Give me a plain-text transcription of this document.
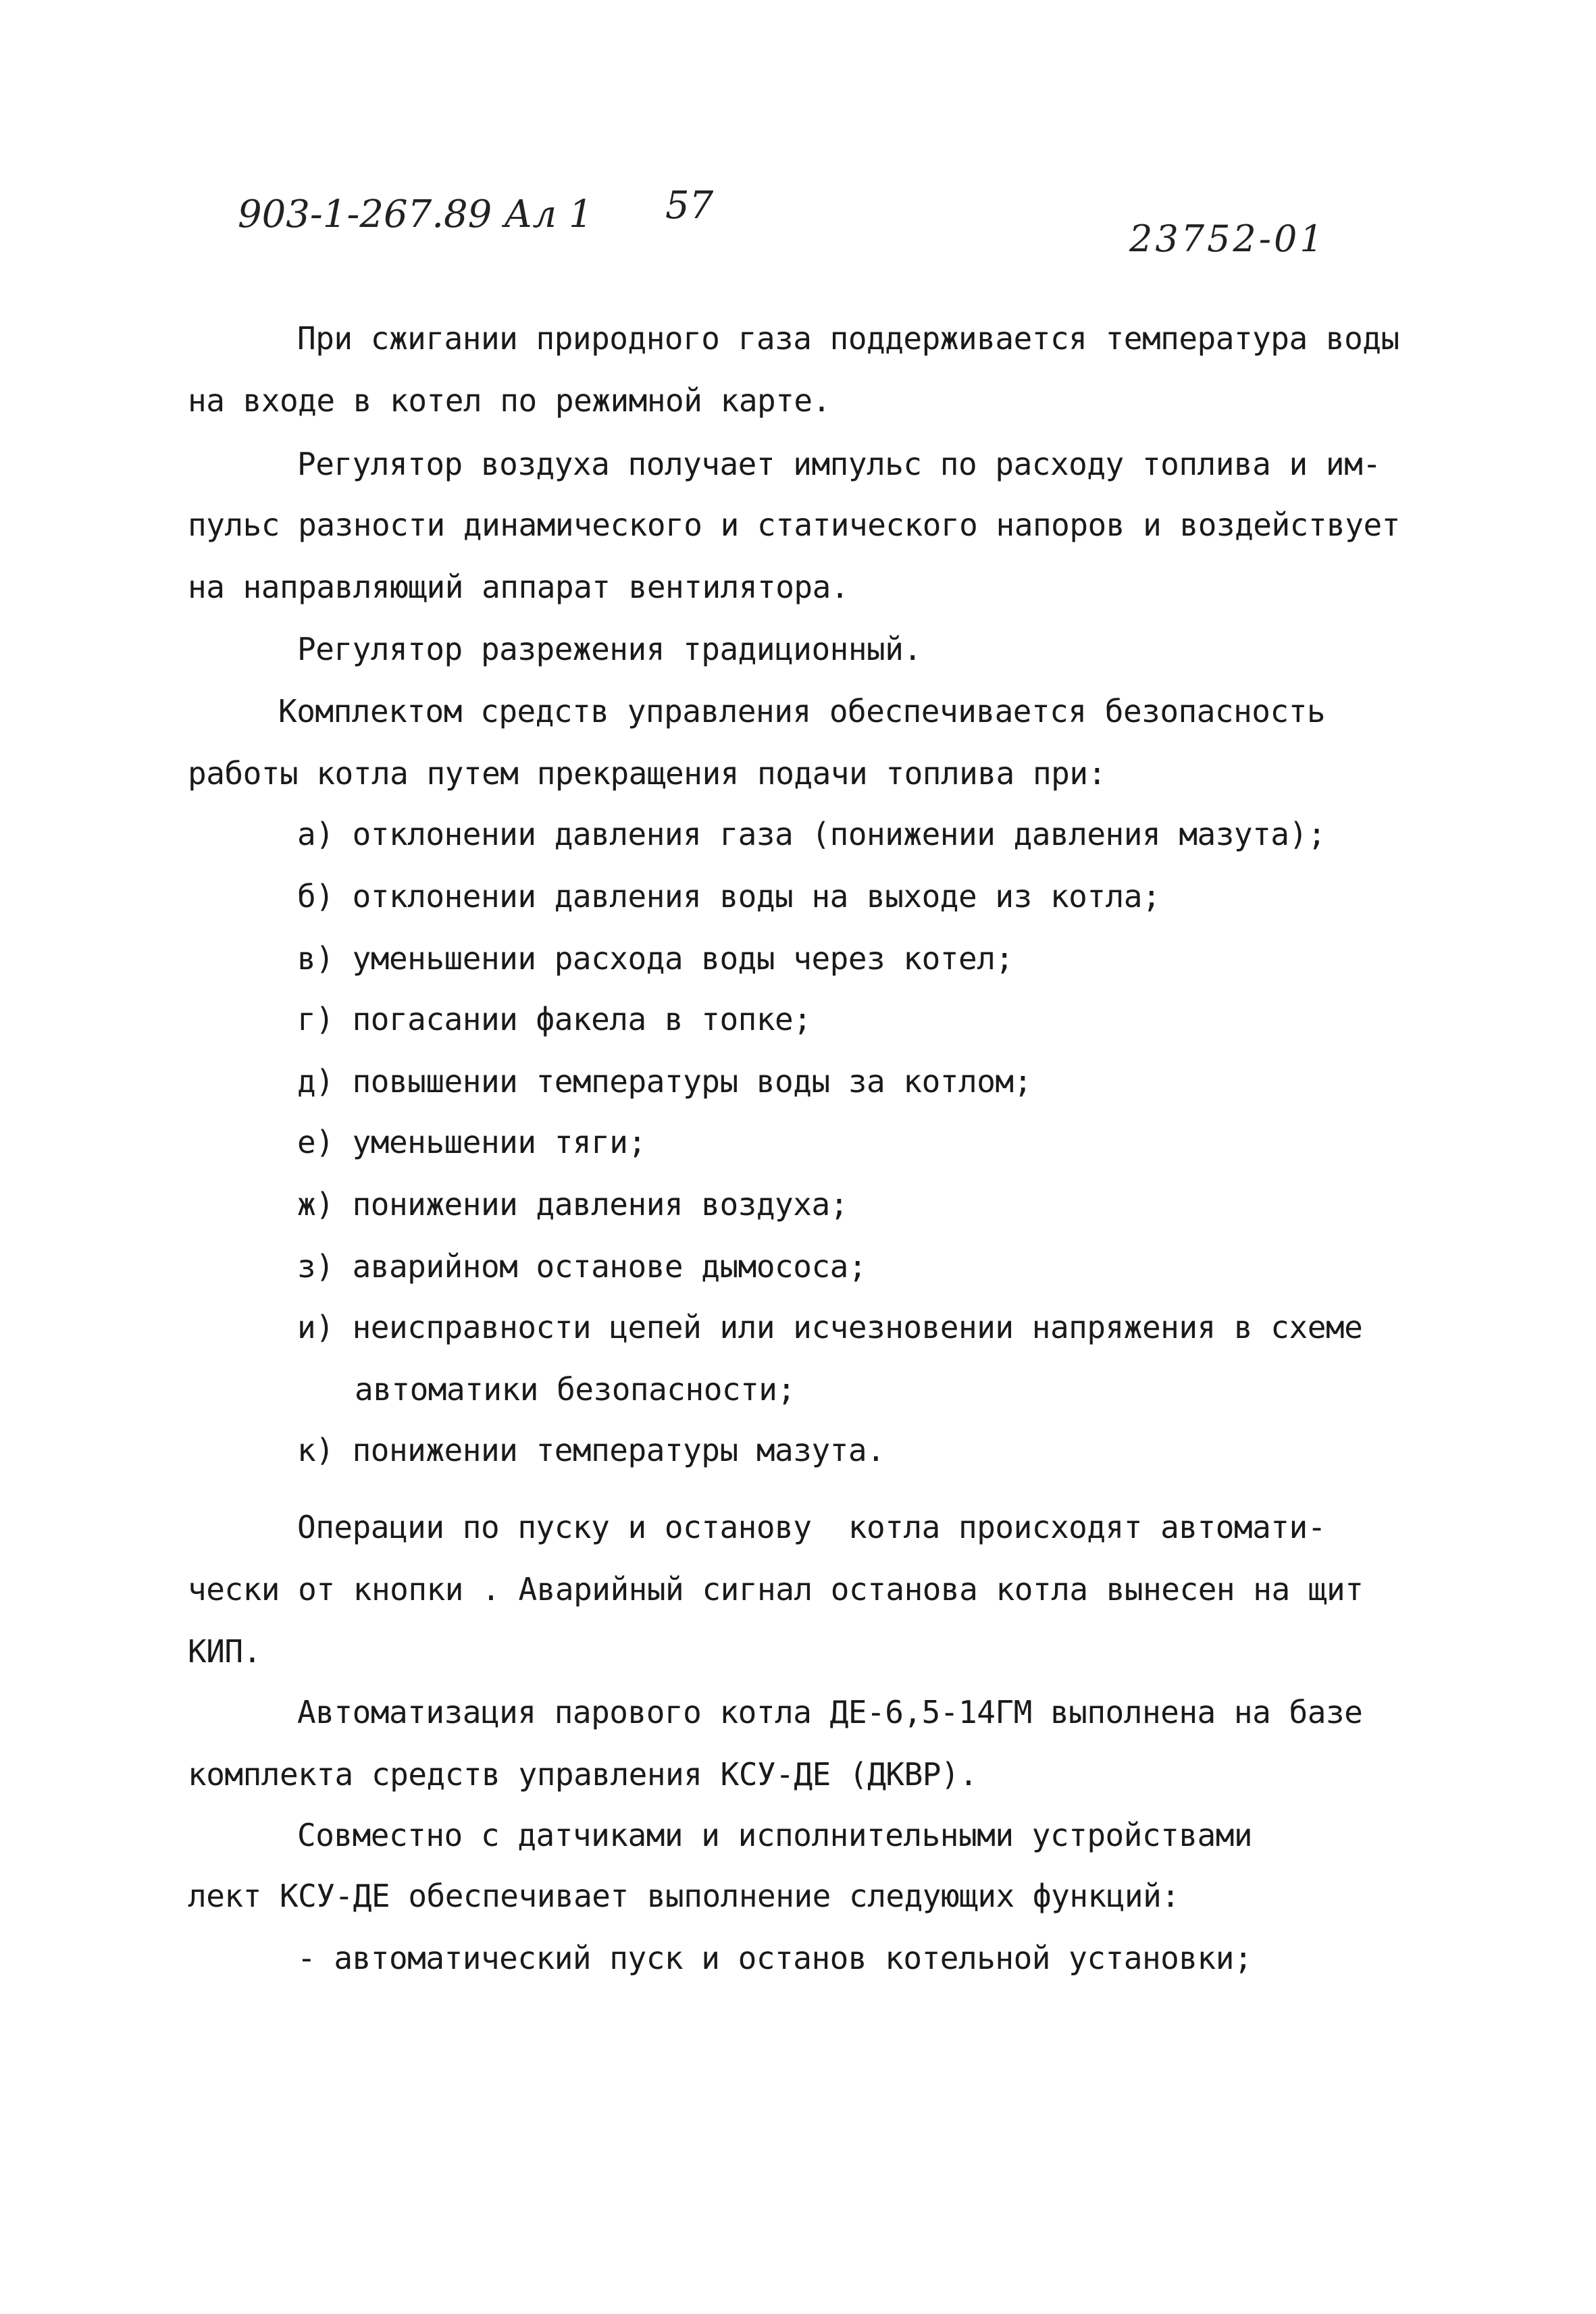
903-1-267.89 Ал 1 57
23752-01
При сжигании природного газа поддерживается температура воды
на входе в котел по режимной карте.
Регулятор воздуха получает импульс по расходу топлива и им-
пульс разности динамического и статического напоров и воздействует
на направляющий аппарат вентилятора.
Регулятор разрежения традиционный.
Комплектом средств управления обеспечивается безопасность
работы котла путем прекращения подачи топлива при:
а) отклонении давления газа (понижении давления мазута);
б) отклонении давления воды на выходе из котла;
в) уменьшении расхода воды через котел;
г) погасании факела в топке;
д) повышении температуры воды за котлом;
е) уменьшении тяги;
ж) понижении давления воздуха;
з) аварийном останове дымососа;
и) неисправности цепей или исчезновении напряжения в схеме
автоматики безопасности;
к) понижении температуры мазута.
Операции по пуску и останову  котла происходят автомати-
чески от кнопки . Аварийный сигнал останова котла вынесен на щит
КИП.
Автоматизация парового котла ДЕ-6,5-14ГМ выполнена на базе
комплекта средств управления КСУ-ДЕ (ДКВР).
Совместно с датчиками и исполнительными устройствами
лект КСУ-ДЕ обеспечивает выполнение следующих функций:
- автоматический пуск и останов котельной установки;
